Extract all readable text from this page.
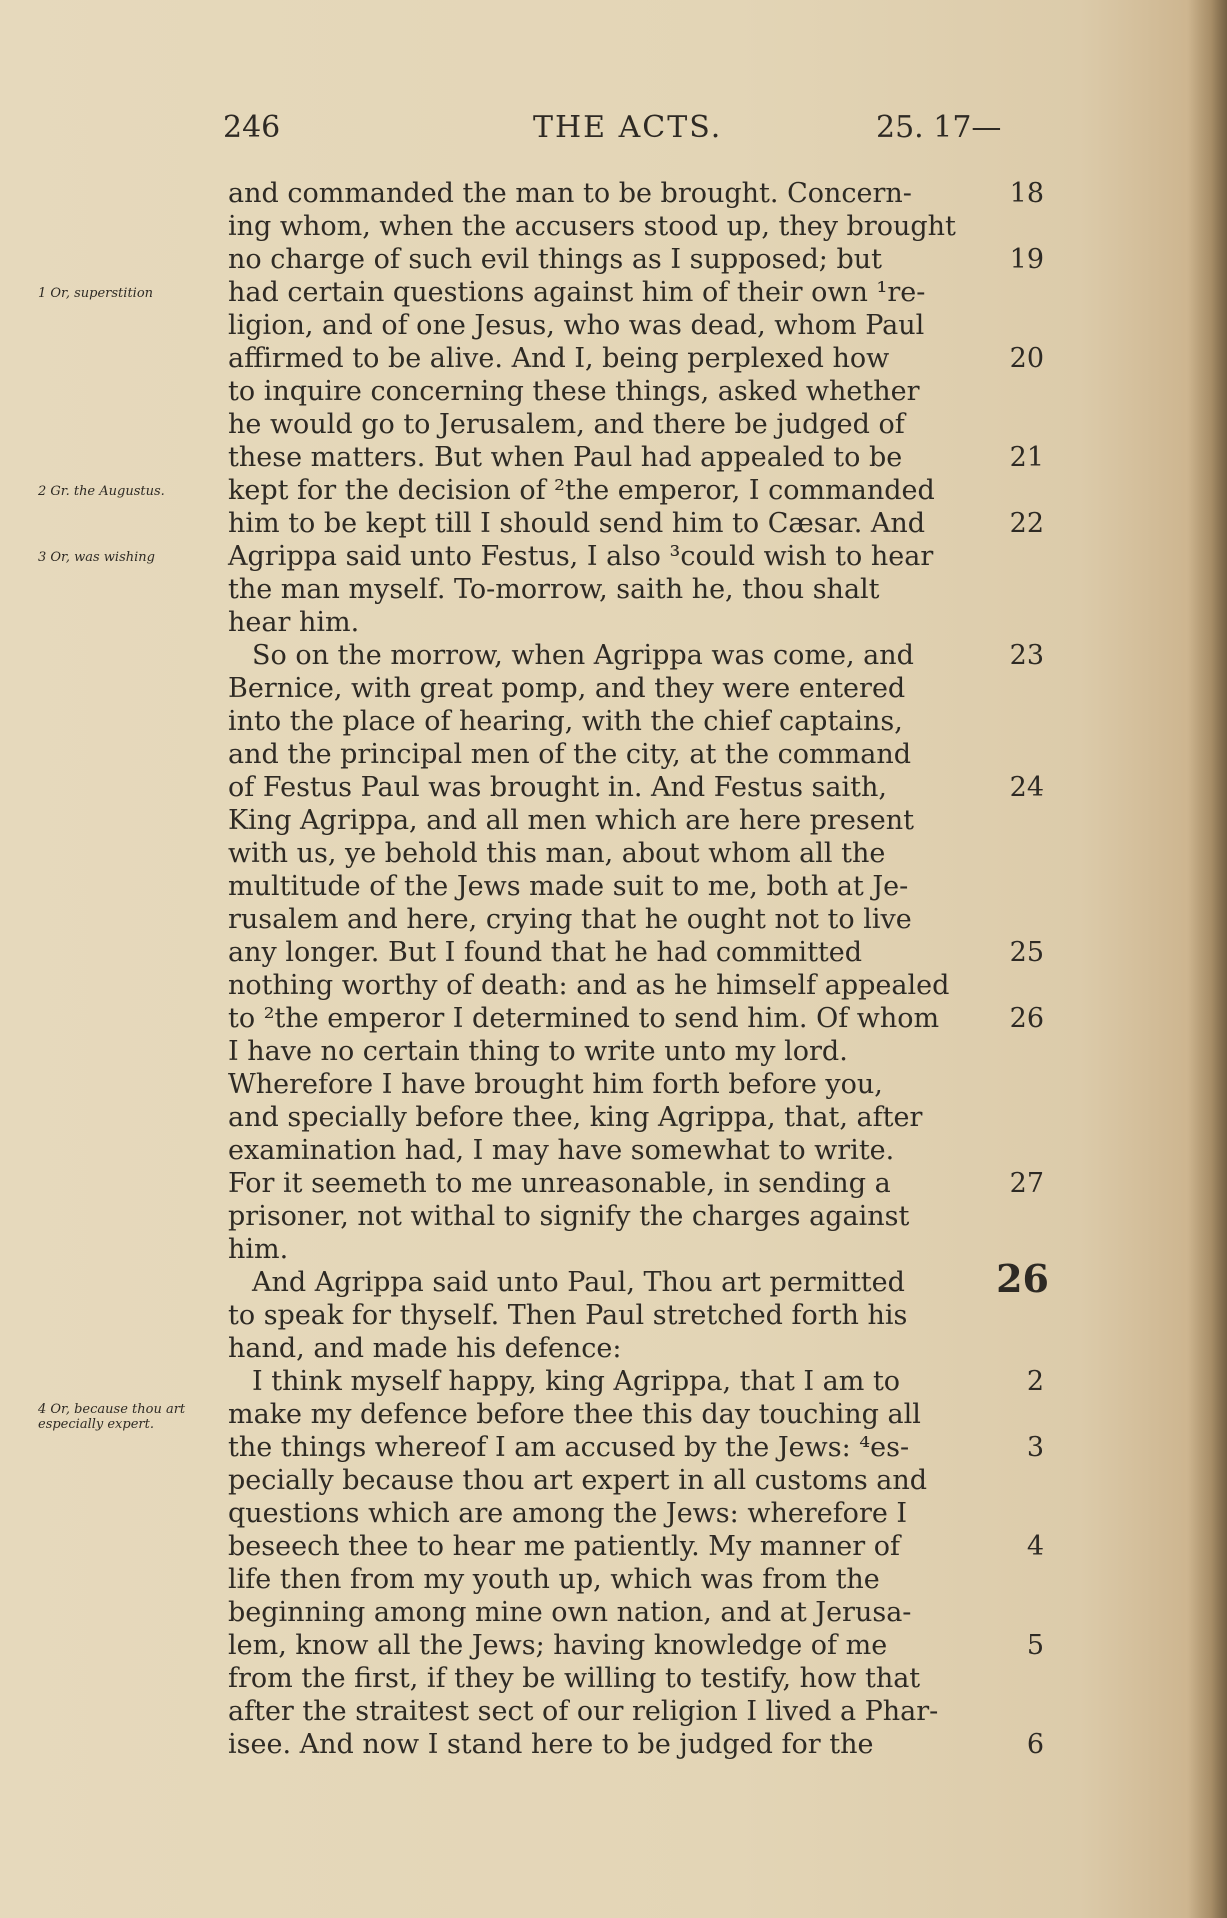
246	THE ACTS.	25. 17—
1 Or, superstition
2 Gr. the Augustus.
3 Or, was wishing
4 Or, because thou art especially expert.
and commanded the man to be brought. Concern-	18
ing whom, when the accusers stood up, they brought
no charge of such evil things as I supposed; but	19
had certain questions against him of their own ¹re-
ligion, and of one Jesus, who was dead, whom Paul
affirmed to be alive. And I, being perplexed how	20
to inquire concerning these things, asked whether
he would go to Jerusalem, and there be judged of
these matters. But when Paul had appealed to be	21
kept for the decision of ²the emperor, I commanded
him to be kept till I should send him to Cæsar. And	22
Agrippa said unto Festus, I also ³could wish to hear
the man myself. To-morrow, saith he, thou shalt
hear him.
So on the morrow, when Agrippa was come, and	23
Bernice, with great pomp, and they were entered
into the place of hearing, with the chief captains,
and the principal men of the city, at the command
of Festus Paul was brought in. And Festus saith,	24
King Agrippa, and all men which are here present
with us, ye behold this man, about whom all the
multitude of the Jews made suit to me, both at Je-
rusalem and here, crying that he ought not to live
any longer. But I found that he had committed	25
nothing worthy of death: and as he himself appealed
to ²the emperor I determined to send him. Of whom	26
I have no certain thing to write unto my lord.
Wherefore I have brought him forth before you,
and specially before thee, king Agrippa, that, after
examination had, I may have somewhat to write.
For it seemeth to me unreasonable, in sending a	27
prisoner, not withal to signify the charges against
him.
And Agrippa said unto Paul, Thou art permitted 26
to speak for thyself. Then Paul stretched forth his
hand, and made his defence:
I think myself happy, king Agrippa, that I am to	2
make my defence before thee this day touching all
the things whereof I am accused by the Jews: ⁴es-	3
pecially because thou art expert in all customs and
questions which are among the Jews: wherefore I
beseech thee to hear me patiently. My manner of	4
life then from my youth up, which was from the
beginning among mine own nation, and at Jerusa-
lem, know all the Jews; having knowledge of me	5
from the first, if they be willing to testify, how that
after the straitest sect of our religion I lived a Phar-
isee. And now I stand here to be judged for the	6
